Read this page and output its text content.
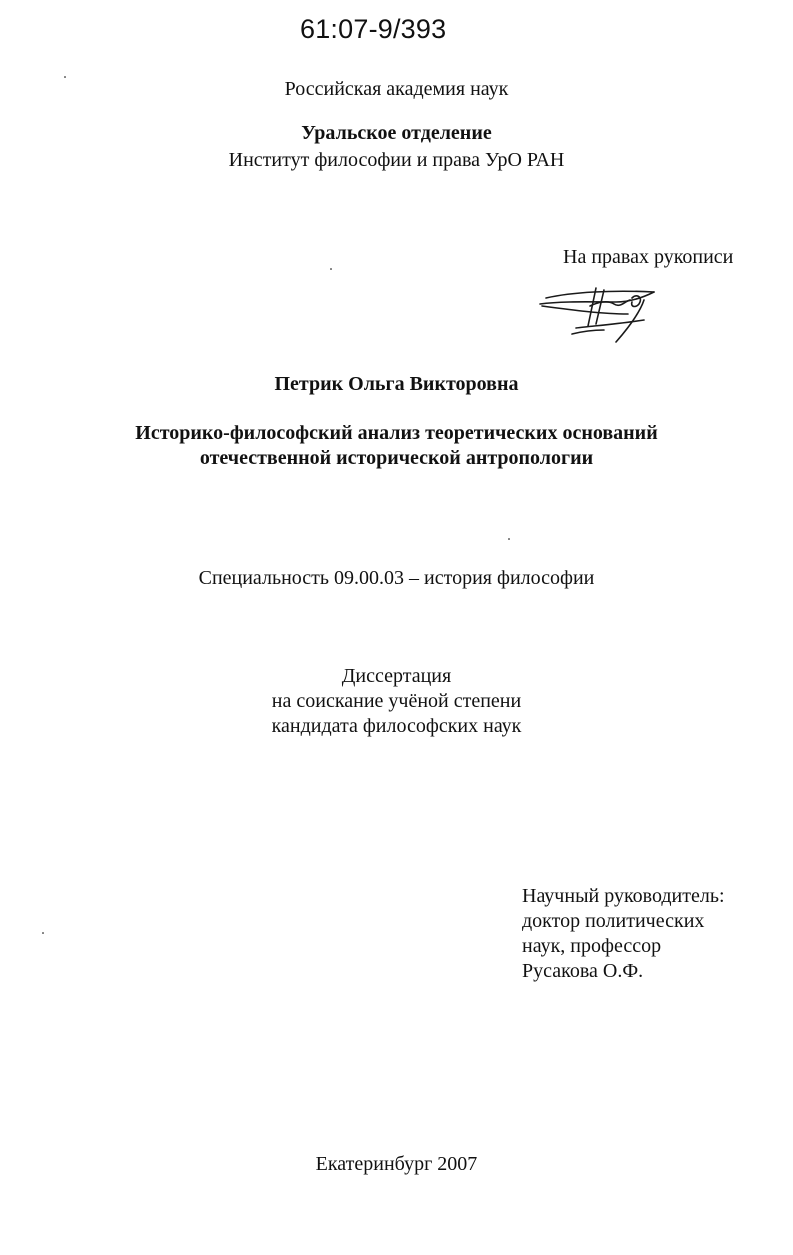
61:07-9/393
Российская академия наук
Уральское отделение
Институт философии и права УрО РАН
На правах рукописи
Петрик Ольга Викторовна
Историко-философский анализ теоретических оснований
отечественной исторической антропологии
Специальность 09.00.03 – история философии
Диссертация
на соискание учёной степени
кандидата философских наук
Научный руководитель:
доктор политических
наук, профессор
Русакова О.Ф.
Екатеринбург 2007
